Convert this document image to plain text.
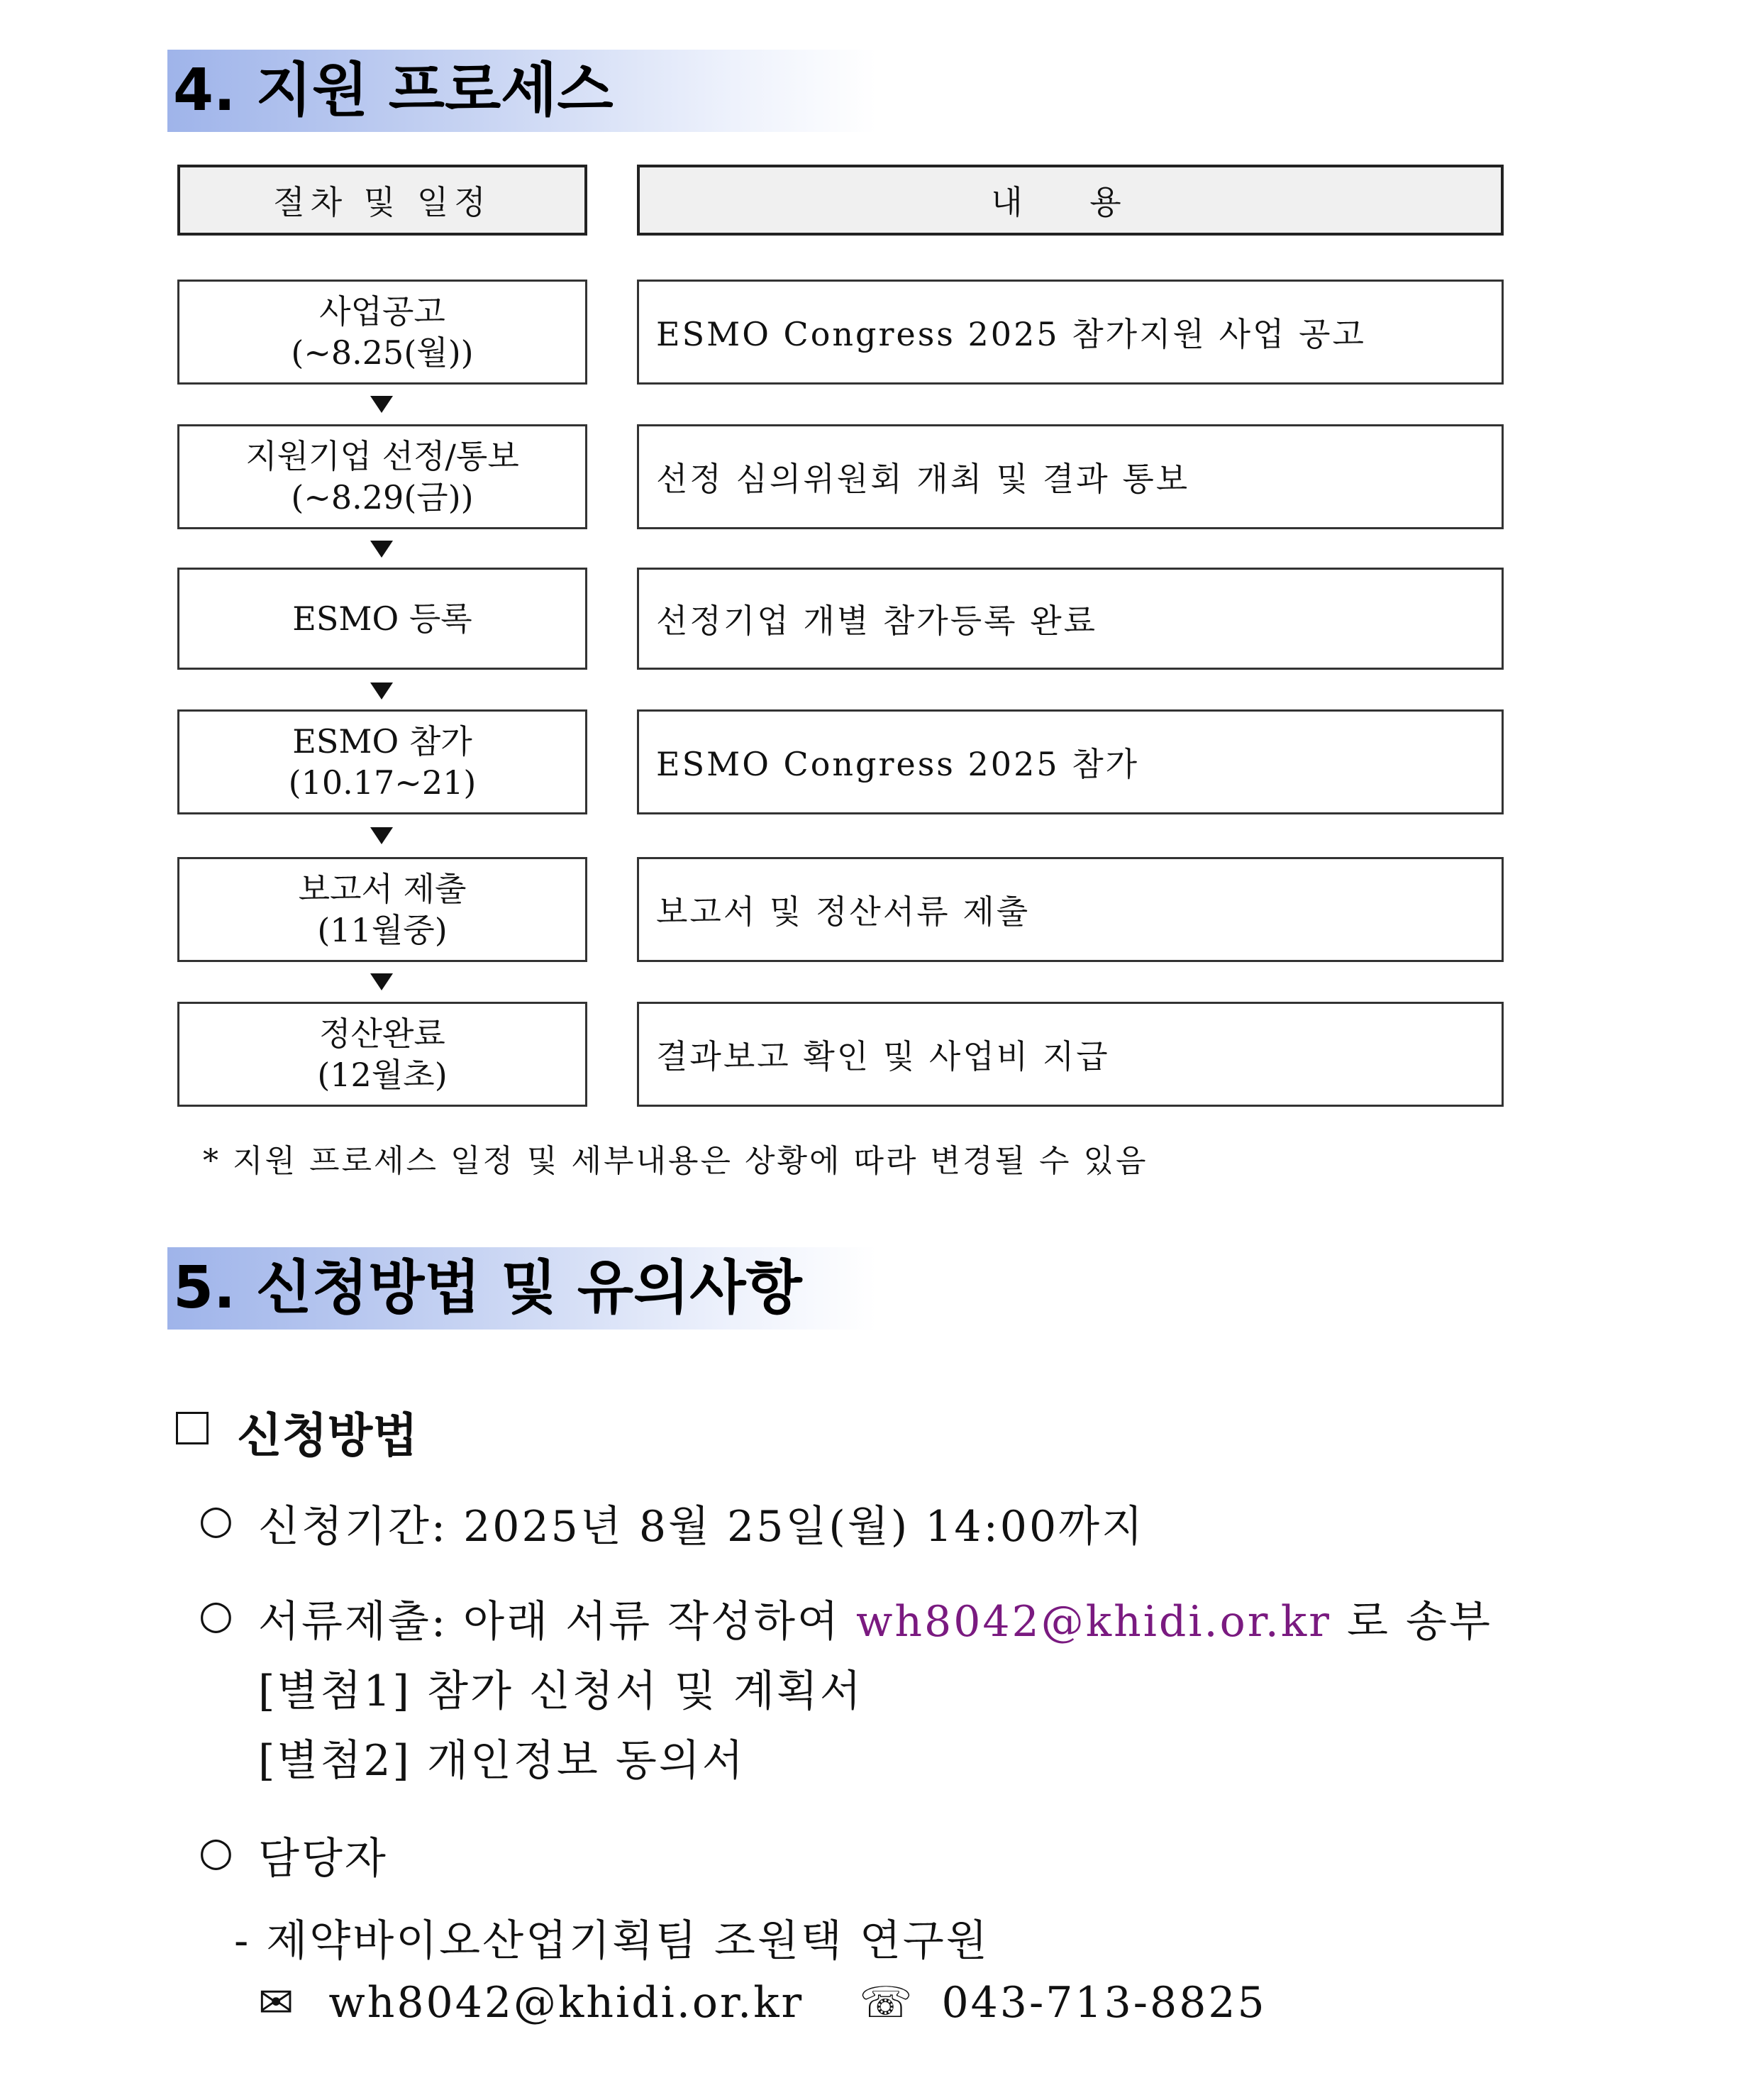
4. 지원 프로세스
절차 및 일정	내 용
사업공고
(~8.25(월))	ESMO Congress 2025 참가지원 사업 공고
지원기업 선정/통보
(~8.29(금))	선정 심의위원회 개최 및 결과 통보
ESMO 등록	선정기업 개별 참가등록 완료
ESMO 참가
(10.17~21)	ESMO Congress 2025 참가
보고서 제출
(11월중)	보고서 및 정산서류 제출
정산완료
(12월초)	결과보고 확인 및 사업비 지급
* 지원 프로세스 일정 및 세부내용은 상황에 따라 변경될 수 있음
5. 신청방법 및 유의사항
신청방법
○ 신청기간: 2025년 8월 25일(월) 14:00까지
○ 서류제출: 아래 서류 작성하여 wh8042@khidi.or.kr 로 송부
[별첨1] 참가 신청서 및 계획서
[별첨2] 개인정보 동의서
○ 담당자
- 제약바이오산업기획팀 조원택 연구원
✉ wh8042@khidi.or.kr ☏ 043-713-8825
